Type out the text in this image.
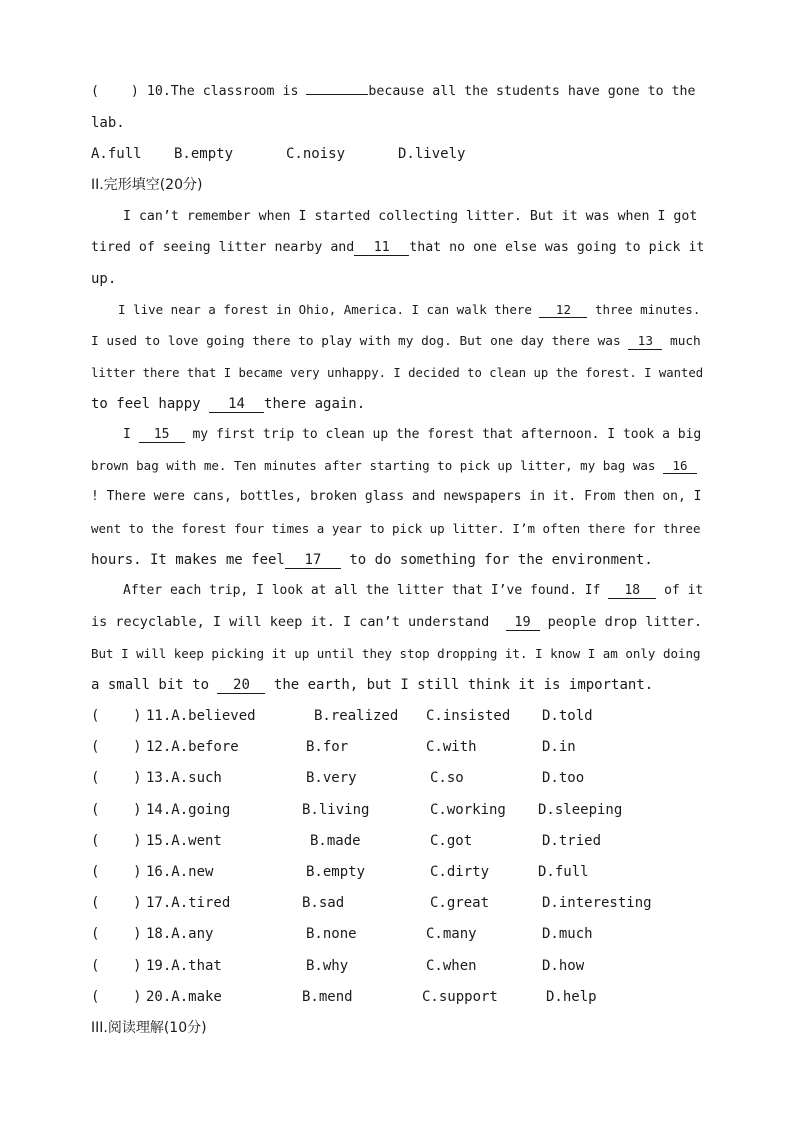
(    ) 10.The classroom is	because all the students have gone to the
lab.
A.full B.empty	C.noisy	D.lively
II.完形填空(20分)
I can’t remember when I started collecting litter. But it was when I got
tired of seeing litter nearby and 11 that no one else was going to pick it
up.
I live near a forest in Ohio, America. I can walk there 12 three minutes.
I used to love going there to play with my dog. But one day there was 13 much
litter there that I became very unhappy. I decided to clean up the forest. I wanted
to feel happy 14 there again.
I 15 my first trip to clean up the forest that afternoon. I took a big
brown bag with me. Ten minutes after starting to pick up litter, my bag was 16
! There were cans, bottles, broken glass and newspapers in it. From then on, I
went to the forest four times a year to pick up litter. I’m often there for three
hours. It makes me feel 17 to do something for the environment.
After each trip, I look at all the litter that I’ve found. If 18 of it
is recyclable, I will keep it. I can’t understand 19 people drop litter.
But I will keep picking it up until they stop dropping it. I know I am only doing
a small bit to 20 the earth, but I still think it is important.
(    ) 11.A.believed	B.realized C.insisted D.told
(    ) 12.A.before	B.for	C.with	D.in
(    ) 13.A.such	B.very	C.so	D.too
(    ) 14.A.going	B.living	C.working D.sleeping
(    ) 15.A.went	B.made	C.got	D.tried
(    ) 16.A.new	B.empty	C.dirty	D.full
(    ) 17.A.tired	B.sad	C.great	D.interesting
(    ) 18.A.any	B.none	C.many	D.much
(    ) 19.A.that	B.why	C.when	D.how
(    ) 20.A.make	B.mend	C.support	D.help
III.阅读理解(10分)
